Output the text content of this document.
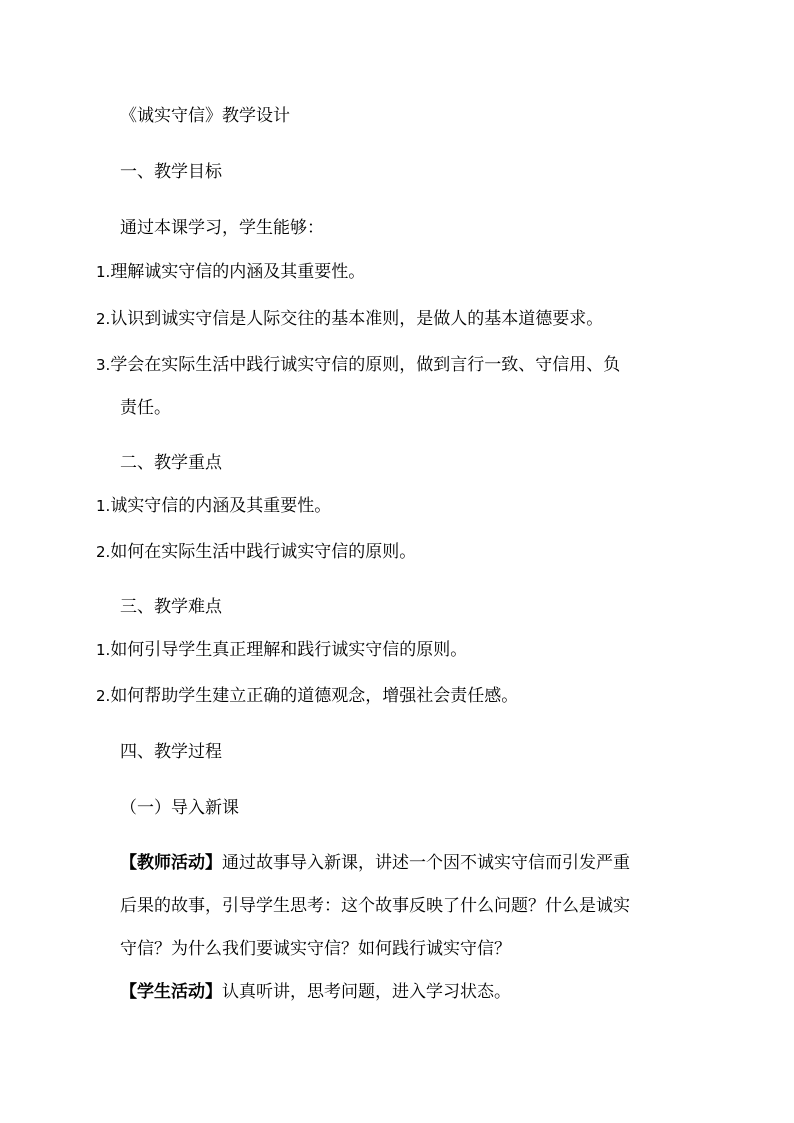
《诚实守信》教学设计
一、教学目标
通过本课学习，学生能够：
1.理解诚实守信的内涵及其重要性。
2.认识到诚实守信是人际交往的基本准则，是做人的基本道德要求。
3.学会在实际生活中践行诚实守信的原则，做到言行一致、守信用、负
责任。
二、教学重点
1.诚实守信的内涵及其重要性。
2.如何在实际生活中践行诚实守信的原则。
三、教学难点
1.如何引导学生真正理解和践行诚实守信的原则。
2.如何帮助学生建立正确的道德观念，增强社会责任感。
四、教学过程
（一）导入新课
【教师活动】通过故事导入新课，讲述一个因不诚实守信而引发严重
后果的故事，引导学生思考：这个故事反映了什么问题？什么是诚实
守信？为什么我们要诚实守信？如何践行诚实守信？
【学生活动】认真听讲，思考问题，进入学习状态。
